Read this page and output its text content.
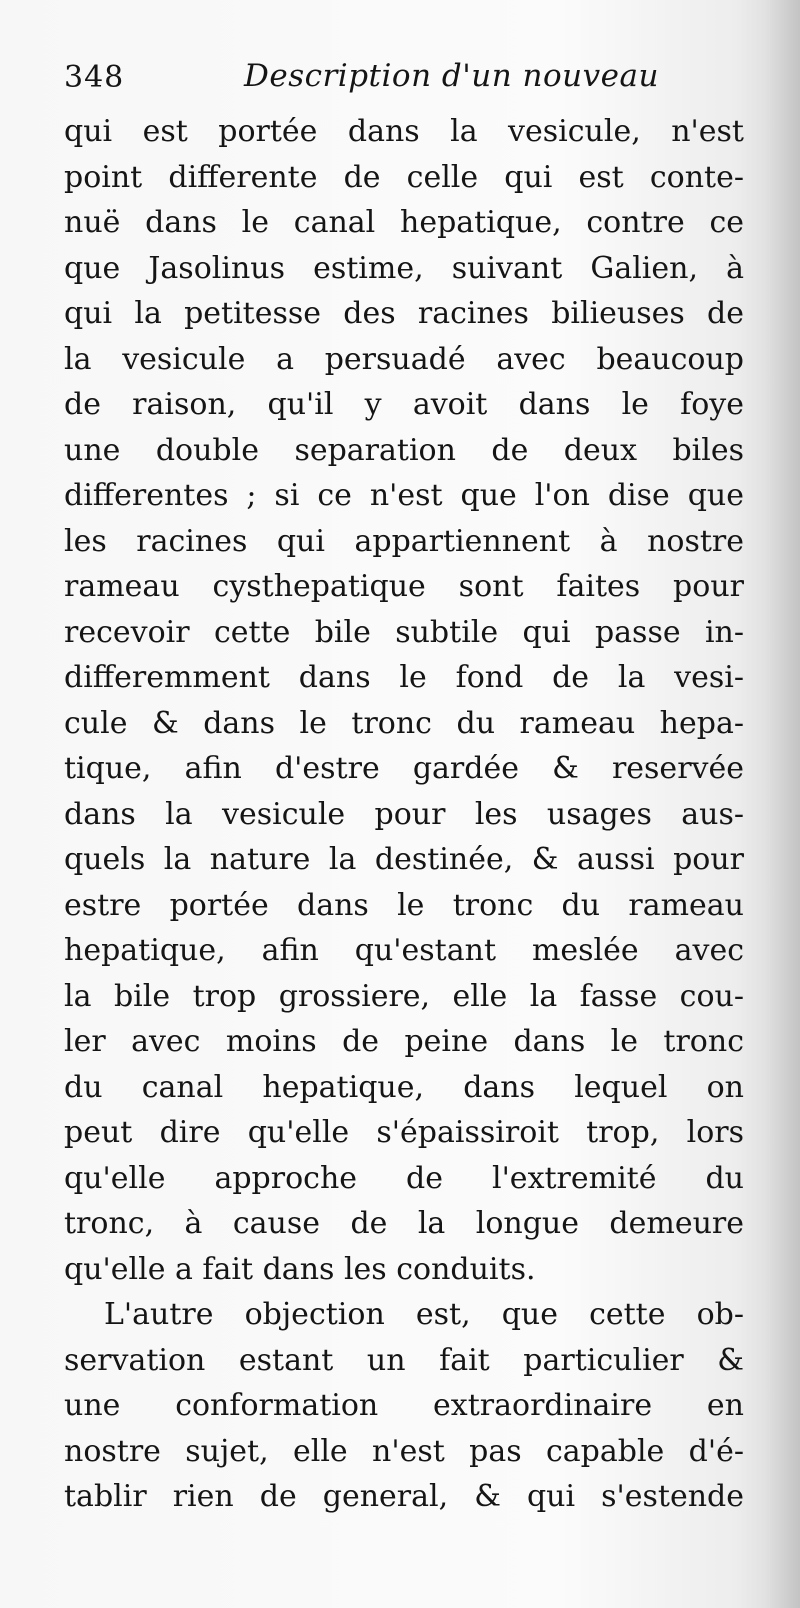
348	Description d'un nouveau
qui est portée dans la vesicule, n'est
point differente de celle qui est conte-
nuë dans le canal hepatique, contre ce
que Jasolinus estime, suivant Galien, à
qui la petitesse des racines bilieuses de
la vesicule a persuadé avec beaucoup
de raison, qu'il y avoit dans le foye
une double separation de deux biles
differentes ; si ce n'est que l'on dise que
les racines qui appartiennent à nostre
rameau cysthepatique sont faites pour
recevoir cette bile subtile qui passe in-
differemment dans le fond de la vesi-
cule & dans le tronc du rameau hepa-
tique, afin d'estre gardée & reservée
dans la vesicule pour les usages aus-
quels la nature la destinée, & aussi pour
estre portée dans le tronc du rameau
hepatique, afin qu'estant meslée avec
la bile trop grossiere, elle la fasse cou-
ler avec moins de peine dans le tronc
du canal hepatique, dans lequel on
peut dire qu'elle s'épaissiroit trop, lors
qu'elle approche de l'extremité du
tronc, à cause de la longue demeure
qu'elle a fait dans les conduits.
L'autre objection est, que cette ob-
servation estant un fait particulier &
une conformation extraordinaire en
nostre sujet, elle n'est pas capable d'é-
tablir rien de general, & qui s'estende
